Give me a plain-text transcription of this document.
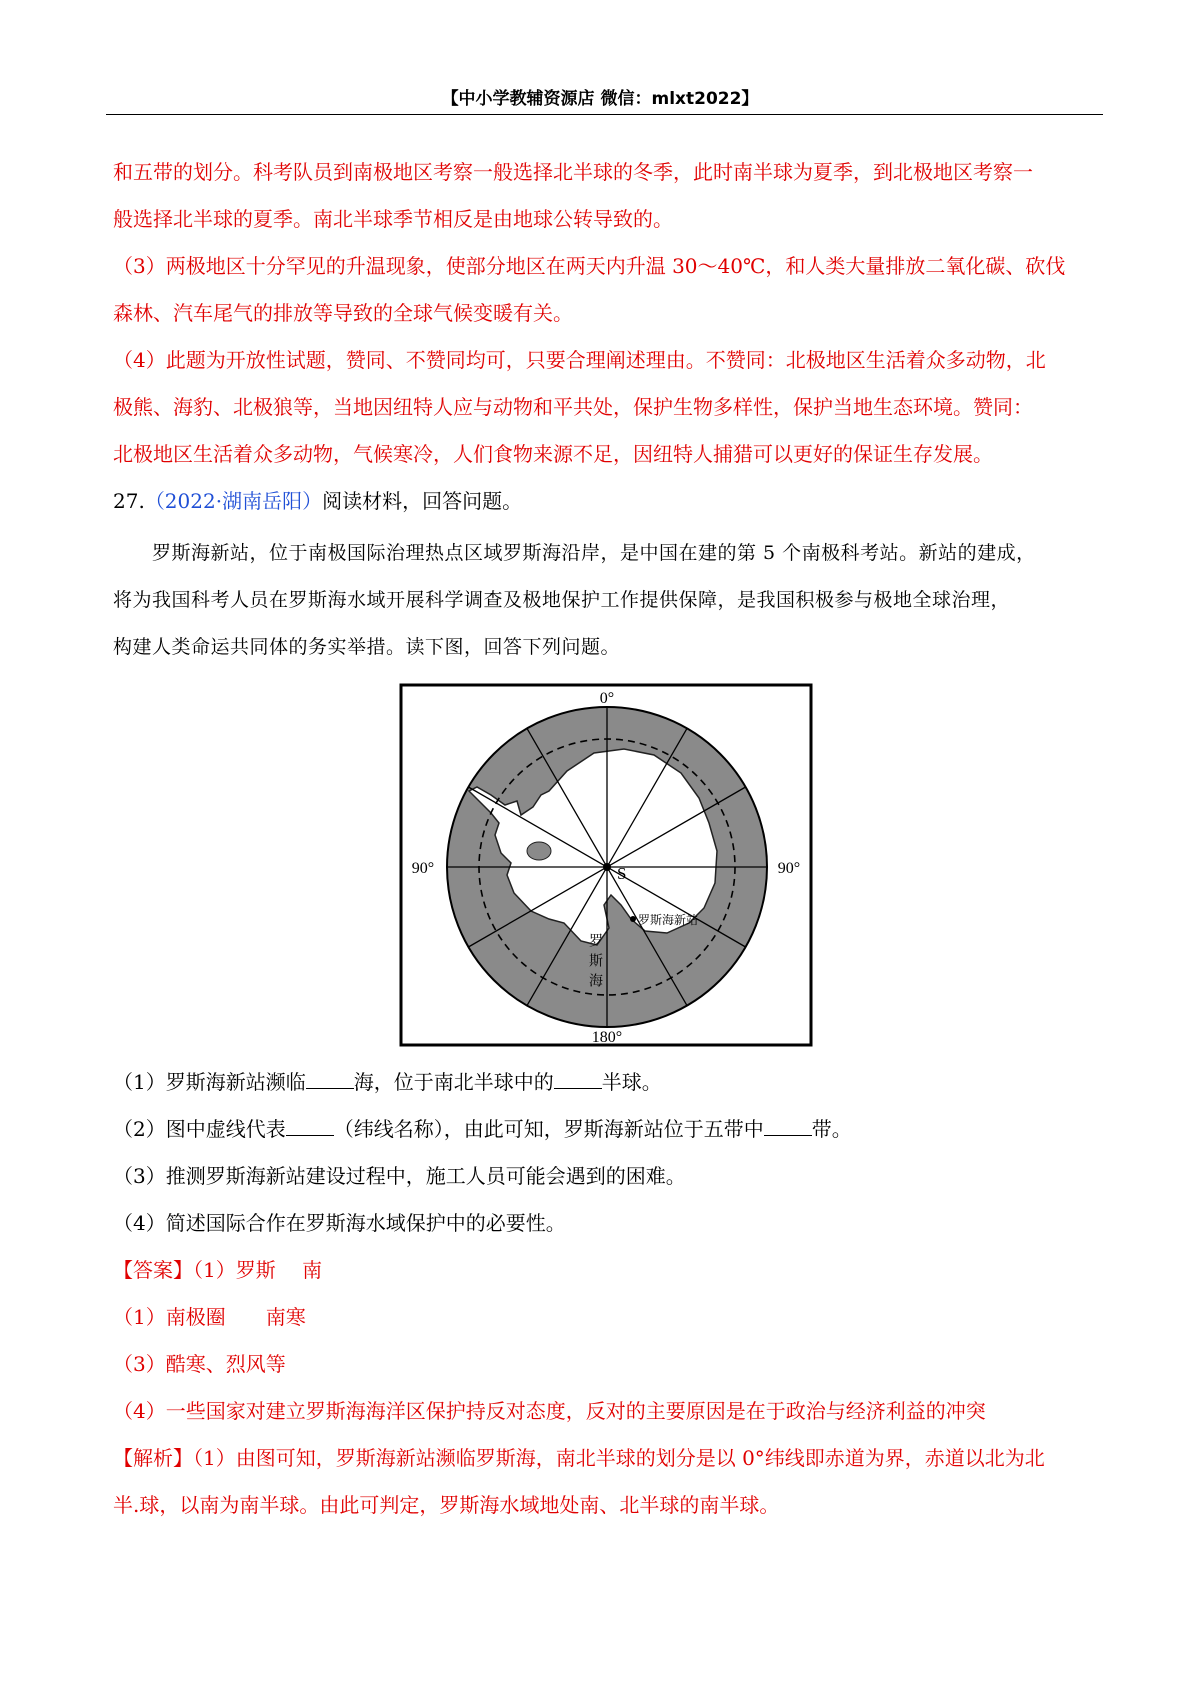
【中小学教辅资源店 微信：mlxt2022】
和五带的划分。科考队员到南极地区考察一般选择北半球的冬季，此时南半球为夏季，到北极地区考察一
般选择北半球的夏季。南北半球季节相反是由地球公转导致的。
（3）两极地区十分罕见的升温现象，使部分地区在两天内升温 30～40℃，和人类大量排放二氧化碳、砍伐
森林、汽车尾气的排放等导致的全球气候变暖有关。
（4）此题为开放性试题，赞同、不赞同均可，只要合理阐述理由。不赞同：北极地区生活着众多动物，北
极熊、海豹、北极狼等，当地因纽特人应与动物和平共处，保护生物多样性，保护当地生态环境。赞同：
北极地区生活着众多动物，气候寒冷，人们食物来源不足，因纽特人捕猎可以更好的保证生存发展。
27.（2022·湖南岳阳）阅读材料，回答问题。
罗斯海新站，位于南极国际治理热点区域罗斯海沿岸，是中国在建的第 5 个南极科考站。新站的建成，
将为我国科考人员在罗斯海水域开展科学调查及极地保护工作提供保障，是我国积极参与极地全球治理，
构建人类命运共同体的务实举措。读下图，回答下列问题。
0°
90°	90°
180°
S
罗斯海
罗斯海新站
（1）罗斯海新站濒临 海，位于南北半球中的 半球。
（2）图中虚线代表 （纬线名称），由此可知，罗斯海新站位于五带中 带。
（3）推测罗斯海新站建设过程中，施工人员可能会遇到的困难。
（4）简述国际合作在罗斯海水域保护中的必要性。
【答案】（1）罗斯　 南
（1）南极圈　　南寒
（3）酷寒、烈风等
（4）一些国家对建立罗斯海海洋区保护持反对态度，反对的主要原因是在于政治与经济利益的冲突
【解析】（1）由图可知，罗斯海新站濒临罗斯海，南北半球的划分是以 0°纬线即赤道为界，赤道以北为北
半.球，以南为南半球。由此可判定，罗斯海水域地处南、北半球的南半球。
